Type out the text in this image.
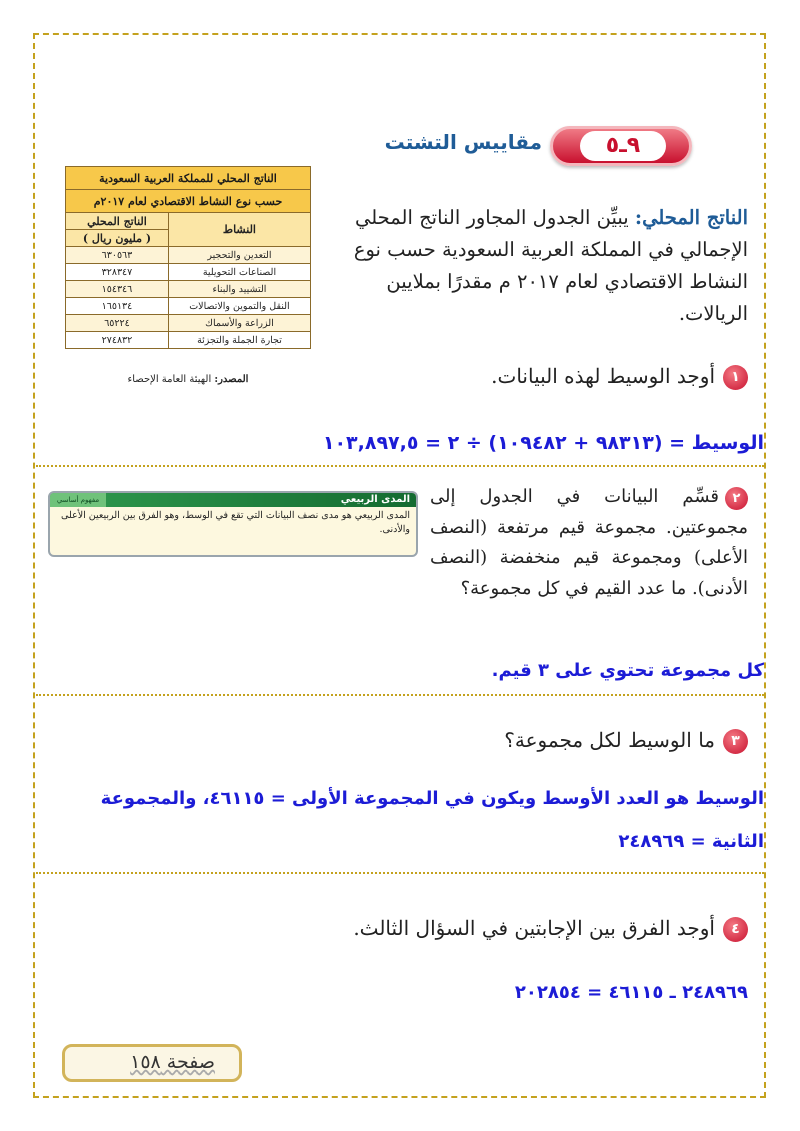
٩ـ٥
مقاييس التشتت
الناتج المحلي للمملكة العربية السعودية	
حسب نوع النشاط الاقتصادي لعام ٢٠١٧م	
النشاط	الناتج المحلي
	( مليون ريال )
التعدين والتحجير	٦٣٠٥٦٣
الصناعات التحويلية	٣٢٨٣٤٧
التشييد والبناء	١٥٤٣٤٦
النقل والتموين والاتصالات	١٦٥١٣٤
الزراعة والأسماك	٦٥٢٢٤
تجارة الجملة والتجزئة	٢٧٤٨٣٢
المصدر: الهيئة العامة الإحصاء
الناتج المحلي: يبيِّن الجدول المجاور الناتج المحلي الإجمالي في المملكة العربية السعودية حسب نوع النشاط الاقتصادي لعام ٢٠١٧ م مقدرًا بملايين الريالات.
١أوجد الوسيط لهذه البيانات.
الوسيط = (٩٨٣١٣ + ١٠٩٤٨٢) ÷ ٢ = ١٠٣,٨٩٧,٥
٢قسِّم البيانات في الجدول إلى مجموعتين. مجموعة قيم مرتفعة (النصف الأعلى) ومجموعة قيم منخفضة (النصف الأدنى). ما عدد القيم في كل مجموعة؟
المدى الربيعي
مفهوم أساسي
المدى الربيعي هو مدى نصف البيانات التي تقع في الوسط، وهو الفرق بين الربيعين الأعلى والأدنى.
كل مجموعة تحتوي على ٣ قيم.
٣ما الوسيط لكل مجموعة؟
الوسيط هو العدد الأوسط ويكون في المجموعة الأولى = ٤٦١١٥، والمجموعة
الثانية = ٢٤٨٩٦٩
٤أوجد الفرق بين الإجابتين في السؤال الثالث.
٢٤٨٩٦٩ ـ ٤٦١١٥ = ٢٠٢٨٥٤
صفحة ١٥٨
